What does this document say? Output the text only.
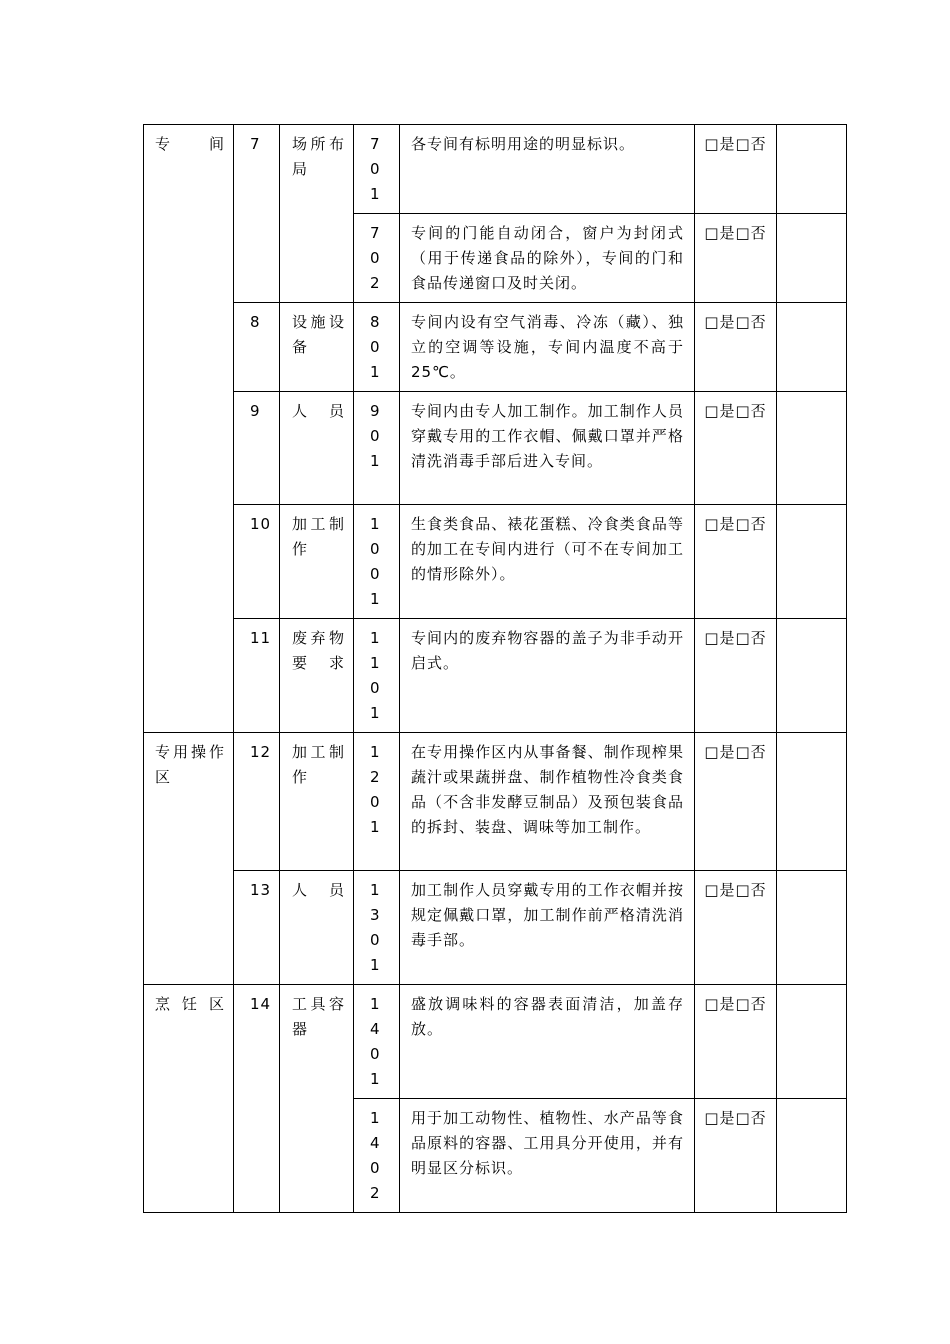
专间	7	场所布局	701	各专间有标明用途的明显标识。	□是□否	

			702	专间的门能自动闭合，窗户为封闭式（用于传递食品的除外），专间的门和食品传递窗口及时关闭。	□是□否	

	8	设施设备	801	专间内设有空气消毒、冷冻（藏）、独立的空调等设施，专间内温度不高于25℃。	□是□否	

	9	人员	901	专间内由专人加工制作。加工制作人员穿戴专用的工作衣帽、佩戴口罩并严格清洗消毒手部后进入专间。	□是□否	

	10	加工制作	1001	生食类食品、裱花蛋糕、冷食类食品等的加工在专间内进行（可不在专间加工的情形除外）。	□是□否	

	11	废弃物要求	1101	专间内的废弃物容器的盖子为非手动开启式。	□是□否	

专用操作区	12	加工制作	1201	在专用操作区内从事备餐、制作现榨果蔬汁或果蔬拼盘、制作植物性冷食类食品（不含非发酵豆制品）及预包装食品的拆封、装盘、调味等加工制作。	□是□否	

	13	人员	1301	加工制作人员穿戴专用的工作衣帽并按规定佩戴口罩，加工制作前严格清洗消毒手部。	□是□否	

烹饪区	14	工具容器	1401	盛放调味料的容器表面清洁，加盖存放。	□是□否	

			1402	用于加工动物性、植物性、水产品等食品原料的容器、工用具分开使用，并有明显区分标识。	□是□否	
